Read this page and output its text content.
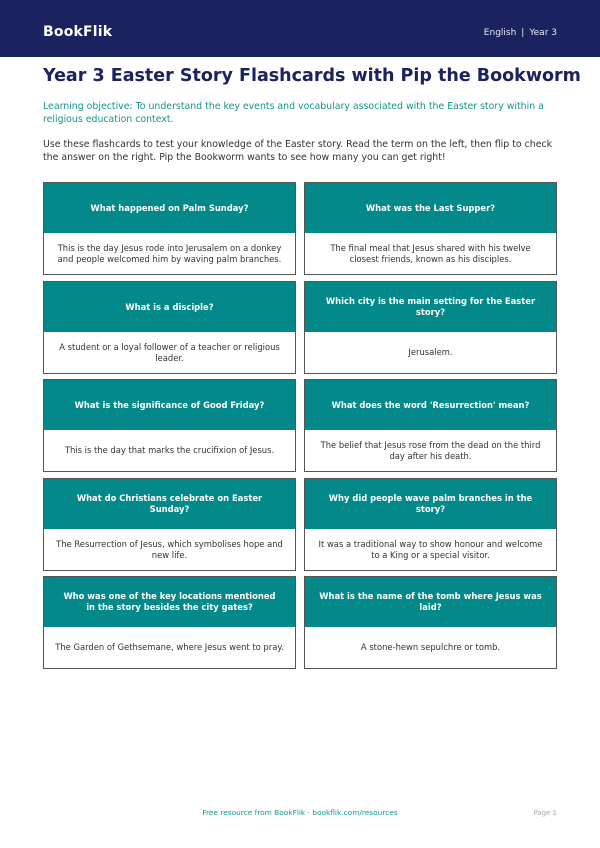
BookFlik	English | Year 3
Year 3 Easter Story Flashcards with Pip the Bookworm

Learning objective: To understand the key events and vocabulary associated with the Easter story within a religious education context.

Use these flashcards to test your knowledge of the Easter story. Read the term on the left, then flip to check the answer on the right. Pip the Bookworm wants to see how many you can get right!

What happened on Palm Sunday?
This is the day Jesus rode into Jerusalem on a donkey and people welcomed him by waving palm branches.
What was the Last Supper?
The final meal that Jesus shared with his twelve closest friends, known as his disciples.
What is a disciple?
A student or a loyal follower of a teacher or religious leader.
Which city is the main setting for the Easter story?
Jerusalem.
What is the significance of Good Friday?
This is the day that marks the crucifixion of Jesus.
What does the word 'Resurrection' mean?
The belief that Jesus rose from the dead on the third day after his death.
What do Christians celebrate on Easter Sunday?
The Resurrection of Jesus, which symbolises hope and new life.
Why did people wave palm branches in the story?
It was a traditional way to show honour and welcome to a King or a special visitor.
Who was one of the key locations mentioned in the story besides the city gates?
The Garden of Gethsemane, where Jesus went to pray.
What is the name of the tomb where Jesus was laid?
A stone-hewn sepulchre or tomb.
Free resource from BookFlik · bookflik.com/resources	Page 1
